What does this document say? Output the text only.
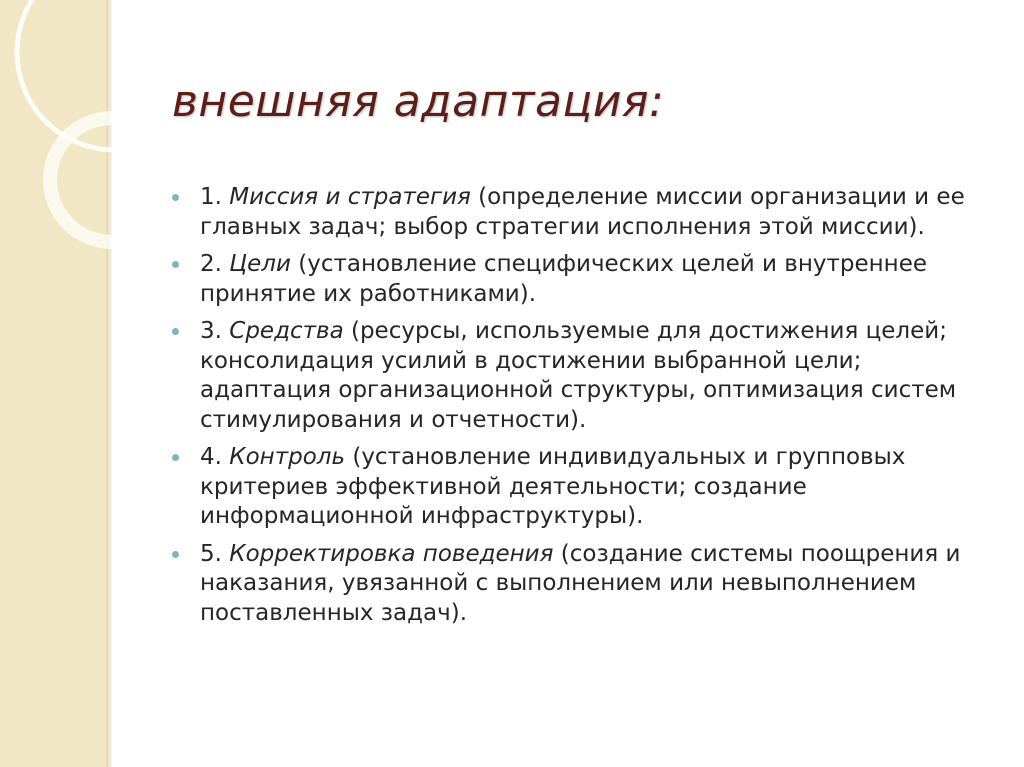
внешняя адаптация:
1. Миссия и стратегия (определение миссии организации и ее главных задач; выбор стратегии исполнения этой миссии).
2. Цели (установление специфических целей и внутреннее принятие их работниками).
3. Средства (ресурсы, используемые для достижения целей; консолидация усилий в достижении выбранной цели; адаптация организационной структуры, оптимизация систем стимулирования и отчетности).
4. Контроль (установление индивидуальных и групповых критериев эффективной деятельности; создание информационной инфраструктуры).
5. Корректировка поведения (создание системы поощрения и наказания, увязанной с выполнением или невыполнением поставленных задач).
